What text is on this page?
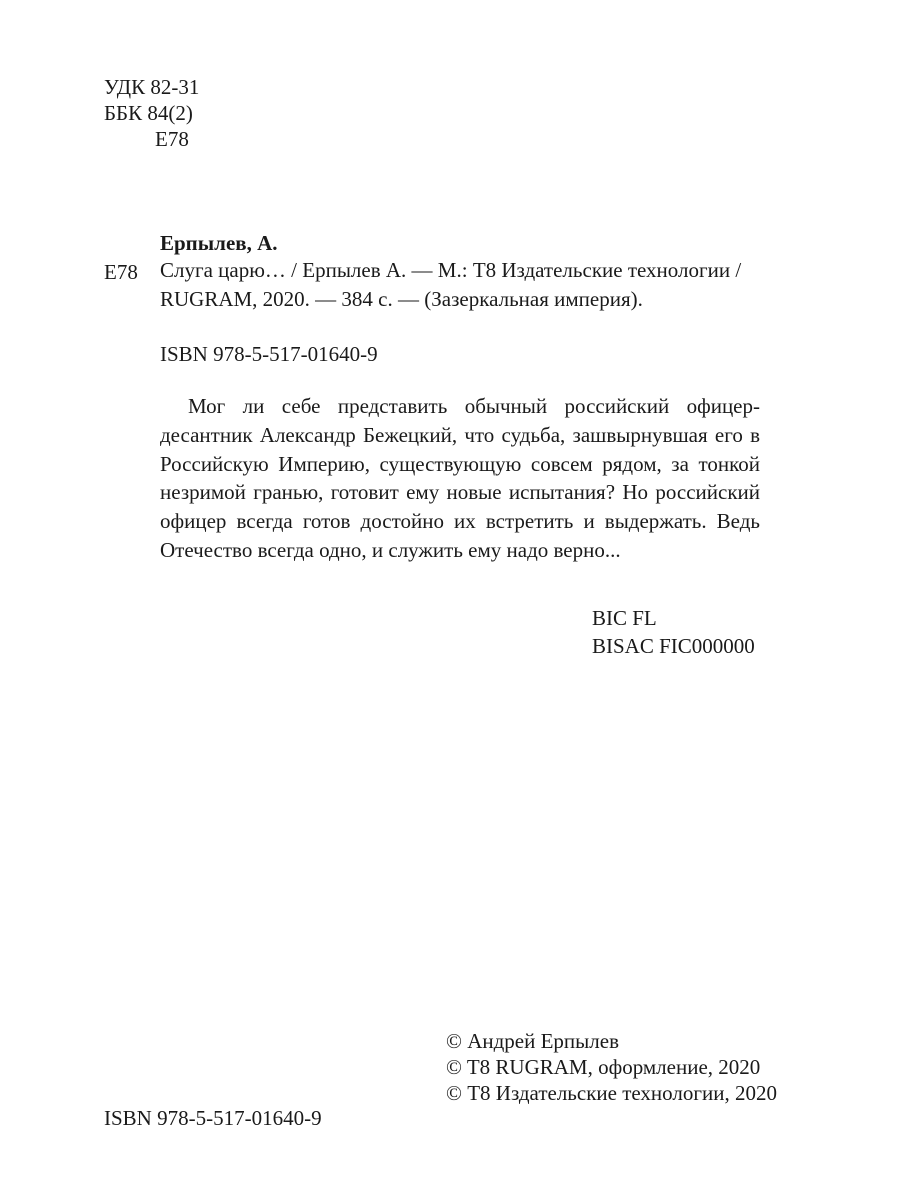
УДК 82-31
ББК 84(2)
Е78
Ерпылев, А.
Е78 Слуга царю… / Ерпылев А. — М.: Т8 Издательские технологии /
RUGRAM, 2020. — 384 с. — (Зазеркальная империя).
ISBN 978-5-517-01640-9
Мог ли себе представить обычный российский офицер-десантник Александр Бежецкий, что судьба, зашвырнувшая его в Российскую Империю, существующую совсем рядом, за тонкой незримой гранью, готовит ему новые испытания? Но российский офицер всегда готов достойно их встретить и выдержать. Ведь Отечество всегда одно, и служить ему надо верно...
BIC FL
BISAC FIC000000
ISBN 978-5-517-01640-9
© Андрей Ерпылев
© T8 RUGRAM, оформление, 2020
© Т8 Издательские технологии, 2020
